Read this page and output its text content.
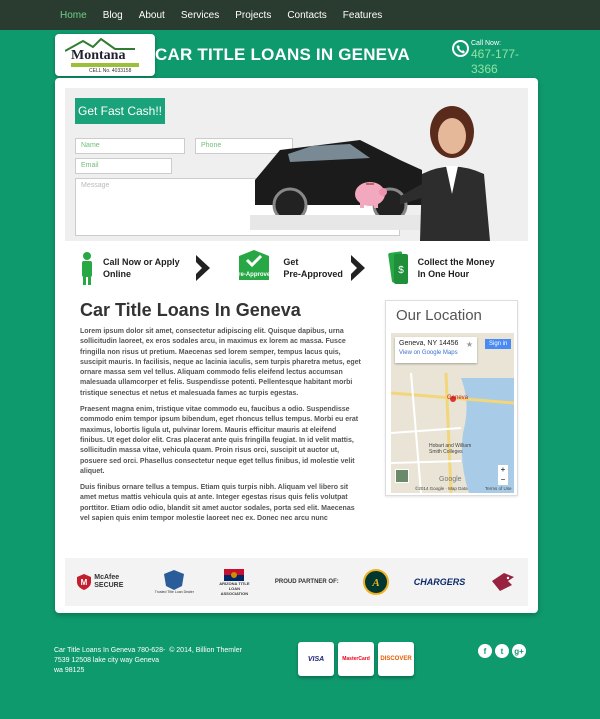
Home Blog About Services Projects Contacts Features
Montana
CELL No. 4033158
CAR TITLE LOANS IN GENEVA
Call Now:
467-177-3366
Get Fast Cash!!
Name	Phone
Email
Message
Call Now or Apply
Online	Pre-Approved
Get
Pre-Approved	$
Collect the Money
In One Hour
Car Title Loans In Geneva

Lorem ipsum dolor sit amet, consectetur adipiscing elit. Quisque dapibus, urna sollicitudin laoreet, ex eros sodales arcu, in maximus ex lorem ac massa. Fusce fringilla non risus ut pretium. Maecenas sed lorem semper, tempus lacus quis, suscipit mauris. In facilisis, neque ac lacinia iaculis, sem turpis pharetra metus, eget ornare massa sem vel tellus. Aliquam commodo felis eleifend lectus accumsan malesuada ullamcorper et felis. Suspendisse potenti. Pellentesque habitant morbi tristique senectus et netus et malesuada fames ac turpis egestas.

Praesent magna enim, tristique vitae commodo eu, faucibus a odio. Suspendisse commodo enim tempor ipsum bibendum, eget rhoncus tellus tempus. Morbi eu erat maximus, lobortis ligula ut, pulvinar lorem. Mauris efficitur mauris at eleifend finibus. Ut eget dolor elit. Cras placerat ante quis fringilla feugiat. In id velit mattis, sollicitudin massa vitae, vehicula quam. Proin risus orci, suscipit ut auctor ut, posuere sed orci. Phasellus consectetur neque eget tellus finibus, id molestie velit aliquet.

Duis finibus ornare tellus a tempus. Etiam quis turpis nibh. Aliquam vel libero sit amet metus mattis vehicula quis at ante. Integer egestas risus quis felis volutpat porttitor. Etiam odio odio, blandit sit amet auctor sodales, porta sed elit. Maecenas vel sapien quis enim tempor molestie laoreet nec ex. Donec nec arcu nunc

Our Location
Geneva, NY 14456
View on Google Maps
★	Sign in
Geneva
Hobart and William Smith Colleges
+
−
Google
©2014 Google · Map Data	Terms of Use
M
McAfee SECURE
Trusted Title Loan Dealer
ARIZONA TITLE LOAN ASSOCIATION
PROUD PARTNER OF:	A	CHARGERS
Car Title Loans In Geneva 780-628- © 2014, Billion Themler
7539 12508 lake city way Geneva
wa 98125
VISA	MasterCard	DISCOVER
f	t	g+
